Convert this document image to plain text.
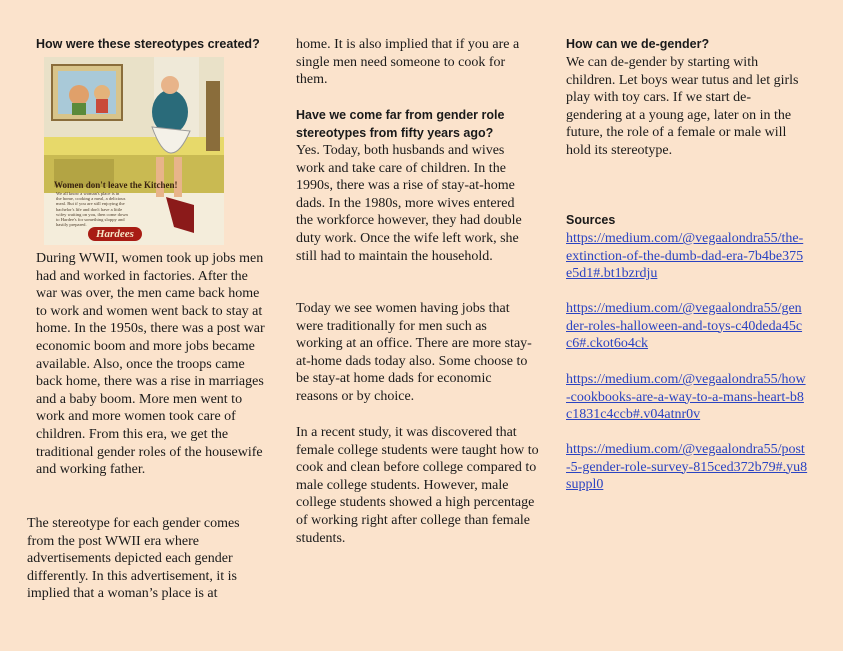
How were these stereotypes created?
Women don't leave the Kitchen!
We all know a woman's place is in
the home, cooking a meal, a delicious
meal. But if you are still enjoying the
bachelor's life and don't have a little
wifey waiting on you, then come down
to Hardee's for something sloppy and
hastily prepared.
Hardees

During WWII, women took up jobs men had and worked in factories. After the war was over, the men came back home to work and women went back to stay at home. In the 1950s, there was a post war economic boom and more jobs became available. Also, once the troops came back home, there was a rise in marriages and a baby boom. More men went to work and more women took care of children. From this era, we get the traditional gender roles of the housewife and working father.

The stereotype for each gender comes from the post WWII era where advertisements depicted each gender differently. In this advertisement, it is implied that a woman’s place is at

home. It is also implied that if you are a single men need someone to cook for them.

Have we come far from gender role stereotypes from fifty years ago?

Yes. Today, both husbands and wives work and take care of children. In the 1990s, there was a rise of stay-at-home dads. In the 1980s, more wives entered the workforce however, they had double duty work. Once the wife left work, she still had to maintain the household.

Today we see women having jobs that were traditionally for men such as working at an office. There are more stay-at-home dads today also. Some choose to be stay-at home dads for economic reasons or by choice.

In a recent study, it was discovered that female college students were taught how to cook and clean before college compared to male college students. However, male college students showed a high percentage of working right after college than female students.

How can we de-gender?

We can de-gender by starting with children. Let boys wear tutus and let girls play with toy cars. If we start de-gendering at a young age, later on in the future, the role of a female or male will hold its stereotype.

Sources
https://medium.com/@vegaalondra55/the-extinction-of-the-dumb-dad-era-7b4be375e5d1#.bt1bzrdju
https://medium.com/@vegaalondra55/gender-roles-halloween-and-toys-c40deda45cc6#.ckot6o4ck
https://medium.com/@vegaalondra55/how-cookbooks-are-a-way-to-a-mans-heart-b8c1831c4ccb#.v04atnr0v
https://medium.com/@vegaalondra55/post-5-gender-role-survey-815ced372b79#.yu8suppl0
